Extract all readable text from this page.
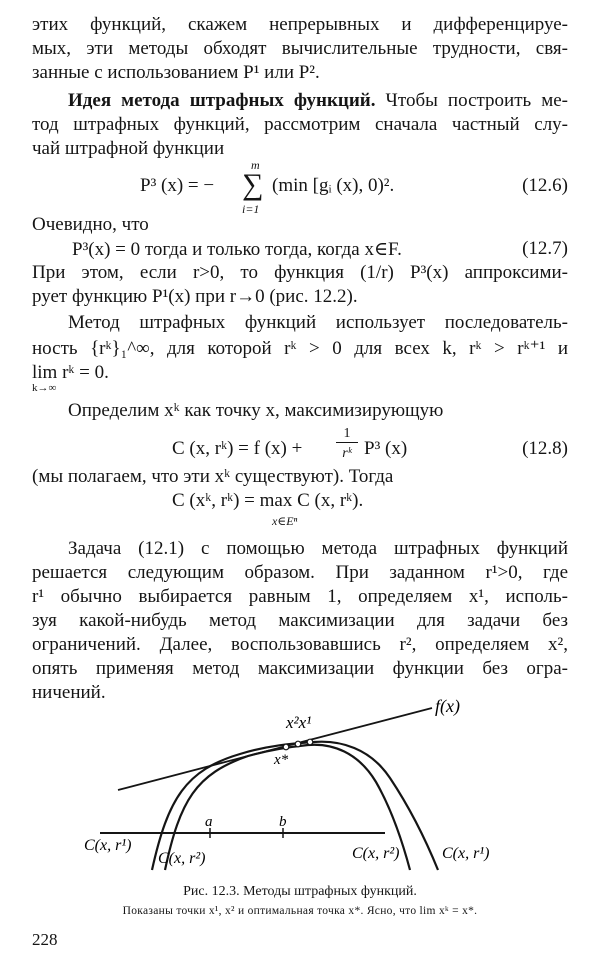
этих функций, скажем непрерывных и дифференцируе-
мых, эти методы обходят вычислительные трудности, свя-
занные с использованием P¹ или P².
Идея метода штрафных функций. Чтобы построить ме-
тод штрафных функций, рассмотрим сначала частный слу-
чай штрафной функции
P³ (x) = −
m
∑
i=1
(min [gᵢ (x), 0)².	(12.6)
Очевидно, что
P³(x) = 0 тогда и только тогда, когда x∈F.	(12.7)
При этом, если r>0, то функция (1/r) P³(x) аппроксими-
рует функцию P¹(x) при r→0 (рис. 12.2).
Метод штрафных функций использует последователь-
ность {rᵏ}₁^∞, для которой rᵏ > 0 для всех k, rᵏ > rᵏ⁺¹ и
lim rᵏ = 0.
k→∞
Определим xᵏ как точку x, максимизирующую
C (x, rᵏ) = f (x) +
1
rᵏ P³ (x)	(12.8)
(мы полагаем, что эти xᵏ существуют). Тогда
C (xᵏ, rᵏ) = max C (x, rᵏ).
x∈Eⁿ
Задача (12.1) с помощью метода штрафных функций
решается следующим образом. При заданном r¹>0, где
r¹ обычно выбирается равным 1, определяем x¹, исполь-
зуя какой-нибудь метод максимизации для задачи без
ограничений. Далее, воспользовавшись r², определяем x²,
опять применяя метод максимизации функции без огра-
ничений.
f(x)
x²x¹
x*
a	b
C(x, r¹)
C(x, r²)	C(x, r²)	C(x, r¹)
Рис. 12.3. Методы штрафных функций.
Показаны точки x¹, x² и оптимальная точка x*. Ясно, что lim xᵏ = x*.
228
